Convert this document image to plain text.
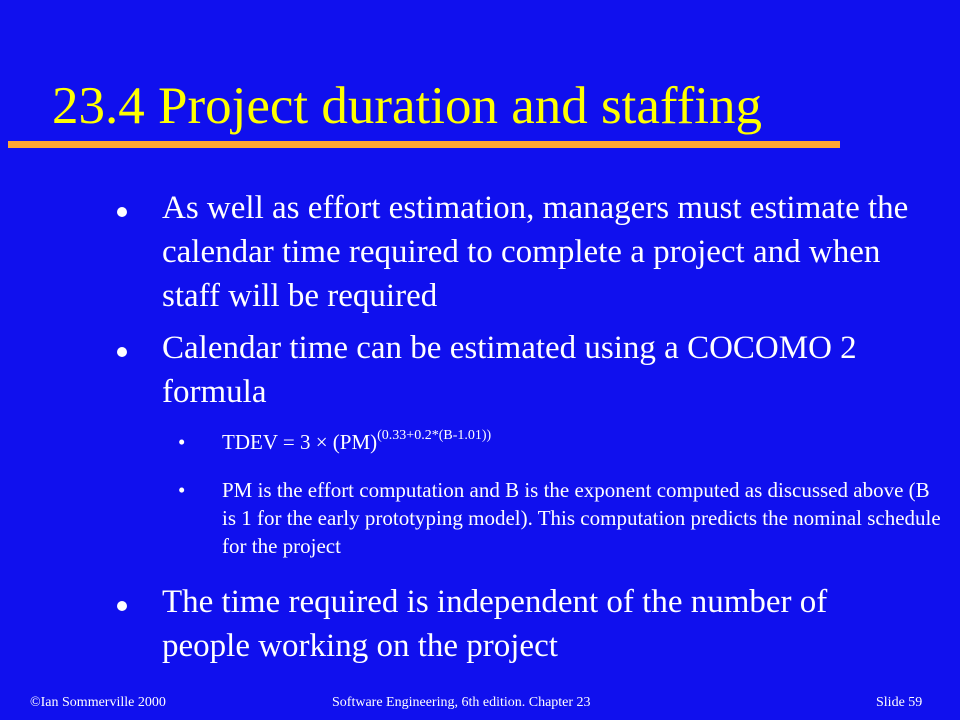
23.4 Project duration and staffing
As well as effort estimation, managers must estimate the calendar time required to complete a project and when staff will be required
Calendar time can be estimated using a COCOMO 2 formula
• TDEV = 3 × (PM)$^{(0.33+0.2*(B-1.01))}$
• PM is the effort computation and B is the exponent computed as discussed above (B is 1 for the early prototyping model). This computation predicts the nominal schedule for the project
The time required is independent of the number of people working on the project
©Ian Sommerville 2000	Software Engineering, 6th edition. Chapter 23	Slide 59
